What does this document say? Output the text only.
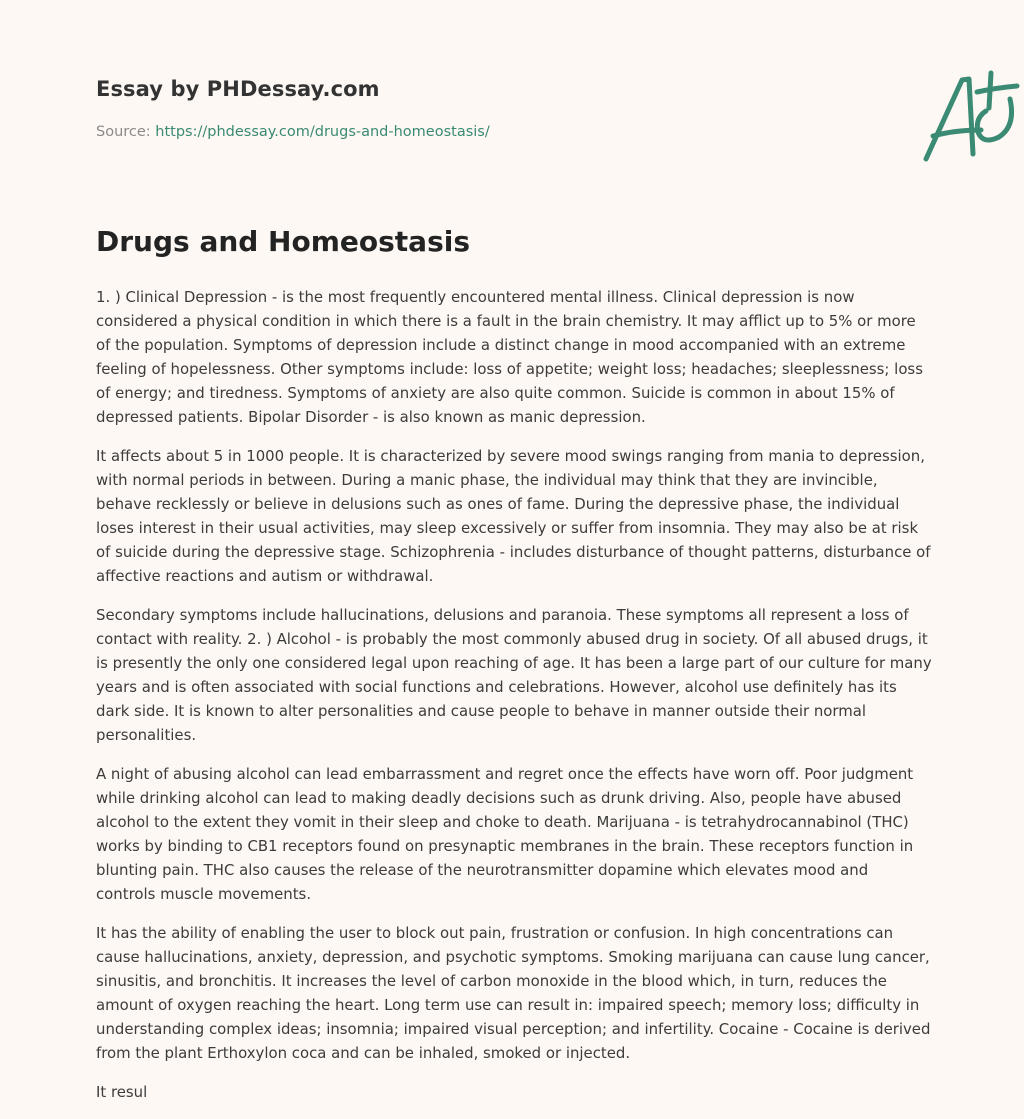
Essay by PHDessay.com

Source: https://phdessay.com/drugs-and-homeostasis/

Drugs and Homeostasis

1. ) Clinical Depression - is the most frequently encountered mental illness. Clinical depression is now considered a physical condition in which there is a fault in the brain chemistry. It may afflict up to 5% or more of the population. Symptoms of depression include a distinct change in mood accompanied with an extreme feeling of hopelessness. Other symptoms include: loss of appetite; weight loss; headaches; sleeplessness; loss of energy; and tiredness. Symptoms of anxiety are also quite common. Suicide is common in about 15% of depressed patients. Bipolar Disorder - is also known as manic depression.

It affects about 5 in 1000 people. It is characterized by severe mood swings ranging from mania to depression, with normal periods in between. During a manic phase, the individual may think that they are invincible, behave recklessly or believe in delusions such as ones of fame. During the depressive phase, the individual loses interest in their usual activities, may sleep excessively or suffer from insomnia. They may also be at risk of suicide during the depressive stage. Schizophrenia - includes disturbance of thought patterns, disturbance of affective reactions and autism or withdrawal.

Secondary symptoms include hallucinations, delusions and paranoia. These symptoms all represent a loss of contact with reality. 2. ) Alcohol - is probably the most commonly abused drug in society. Of all abused drugs, it is presently the only one considered legal upon reaching of age. It has been a large part of our culture for many years and is often associated with social functions and celebrations. However, alcohol use definitely has its dark side. It is known to alter personalities and cause people to behave in manner outside their normal personalities.

A night of abusing alcohol can lead embarrassment and regret once the effects have worn off. Poor judgment while drinking alcohol can lead to making deadly decisions such as drunk driving. Also, people have abused alcohol to the extent they vomit in their sleep and choke to death. Marijuana - is tetrahydrocannabinol (THC) works by binding to CB1 receptors found on presynaptic membranes in the brain. These receptors function in blunting pain. THC also causes the release of the neurotransmitter dopamine which elevates mood and controls muscle movements.

It has the ability of enabling the user to block out pain, frustration or confusion. In high concentrations can cause hallucinations, anxiety, depression, and psychotic symptoms. Smoking marijuana can cause lung cancer, sinusitis, and bronchitis. It increases the level of carbon monoxide in the blood which, in turn, reduces the amount of oxygen reaching the heart. Long term use can result in: impaired speech; memory loss; difficulty in understanding complex ideas; insomnia; impaired visual perception; and infertility. Cocaine - Cocaine is derived from the plant Erthoxylon coca and can be inhaled, smoked or injected.

It resul
